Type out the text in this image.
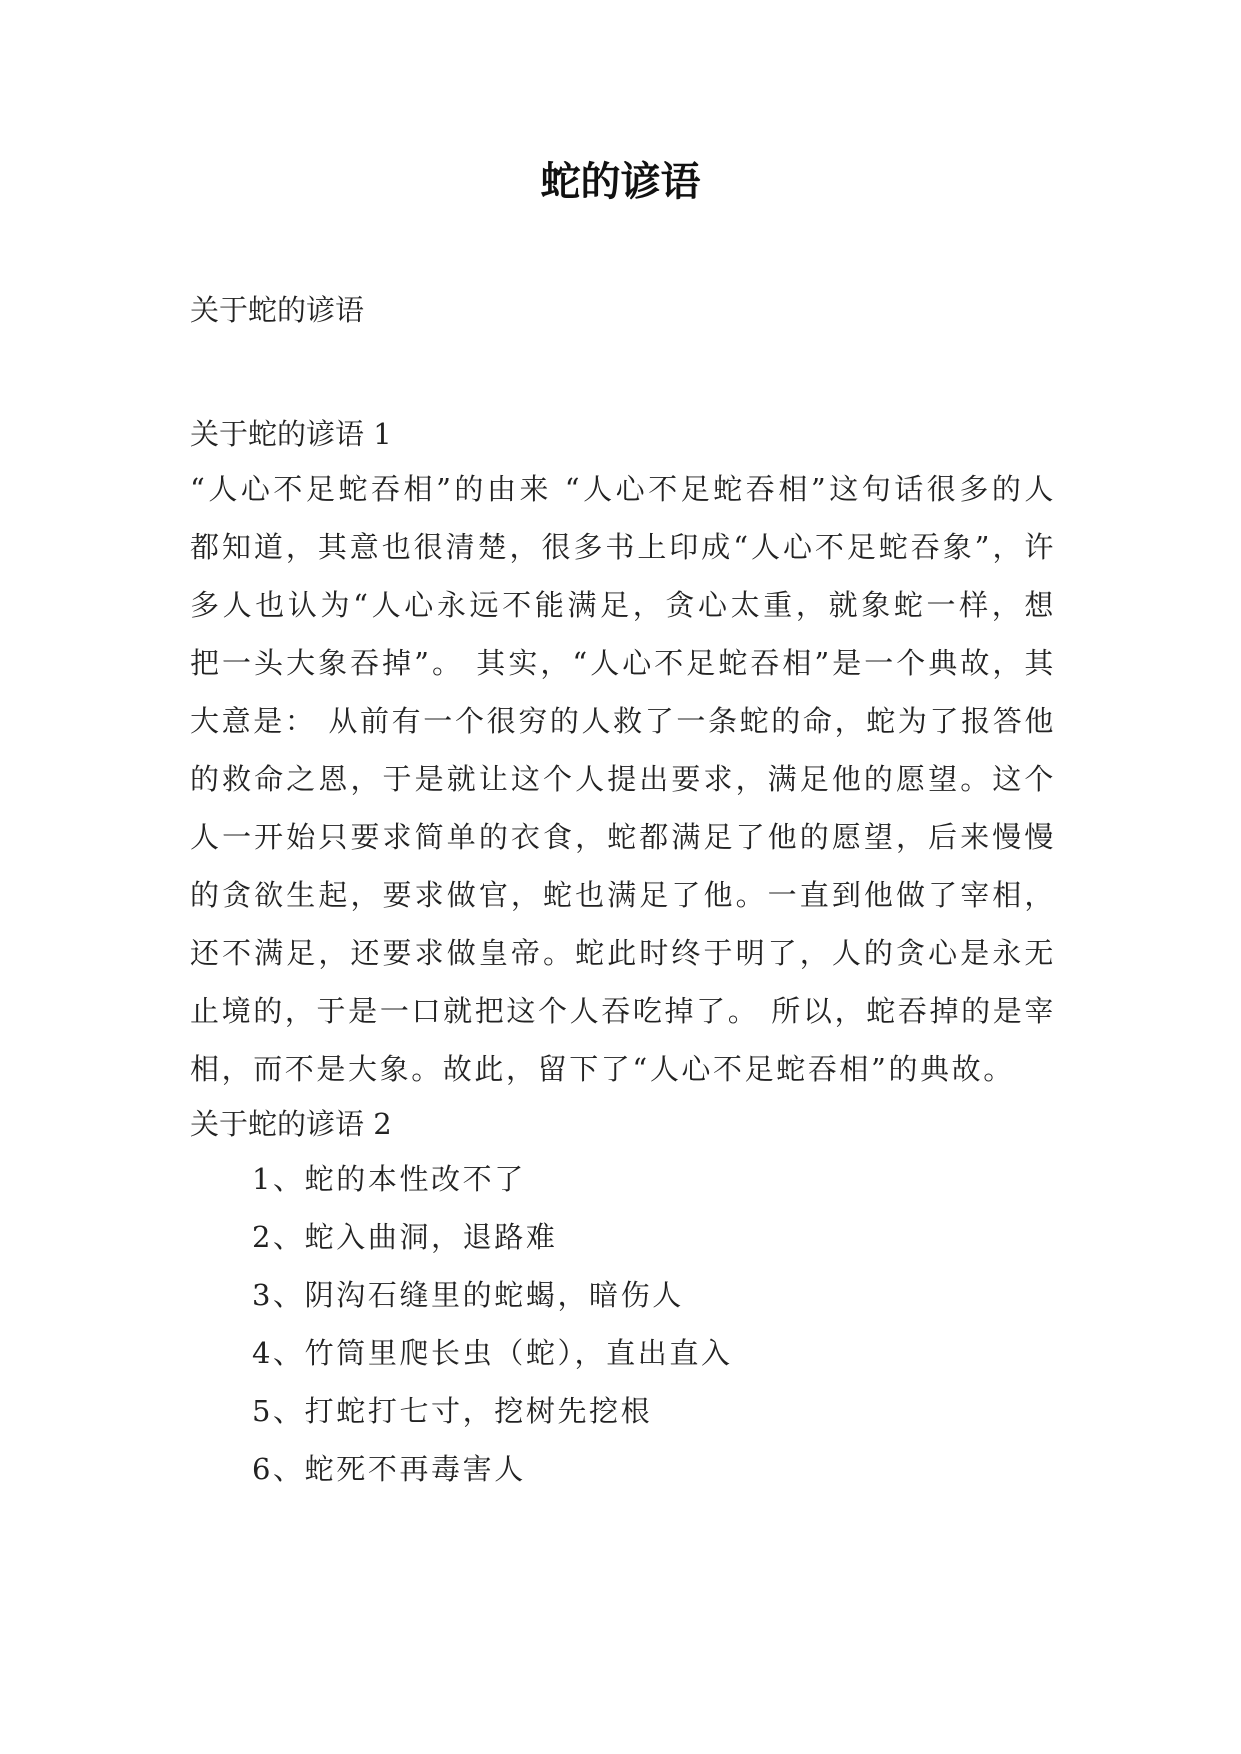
蛇的谚语
关于蛇的谚语
关于蛇的谚语 1
“人心不足蛇吞相”的由来 “人心不足蛇吞相”这句话很多的人都知道，其意也很清楚，很多书上印成“人心不足蛇吞象”，许多人也认为“人心永远不能满足，贪心太重，就象蛇一样，想把一头大象吞掉”。 其实，“人心不足蛇吞相”是一个典故，其大意是： 从前有一个很穷的人救了一条蛇的命，蛇为了报答他的救命之恩，于是就让这个人提出要求，满足他的愿望。这个人一开始只要求简单的衣食，蛇都满足了他的愿望，后来慢慢的贪欲生起，要求做官，蛇也满足了他。一直到他做了宰相，还不满足，还要求做皇帝。蛇此时终于明了，人的贪心是永无止境的，于是一口就把这个人吞吃掉了。 所以，蛇吞掉的是宰相，而不是大象。故此，留下了“人心不足蛇吞相”的典故。
关于蛇的谚语 2
1、蛇的本性改不了
2、蛇入曲洞，退路难
3、阴沟石缝里的蛇蝎，暗伤人
4、竹筒里爬长虫（蛇），直出直入
5、打蛇打七寸，挖树先挖根
6、蛇死不再毒害人
